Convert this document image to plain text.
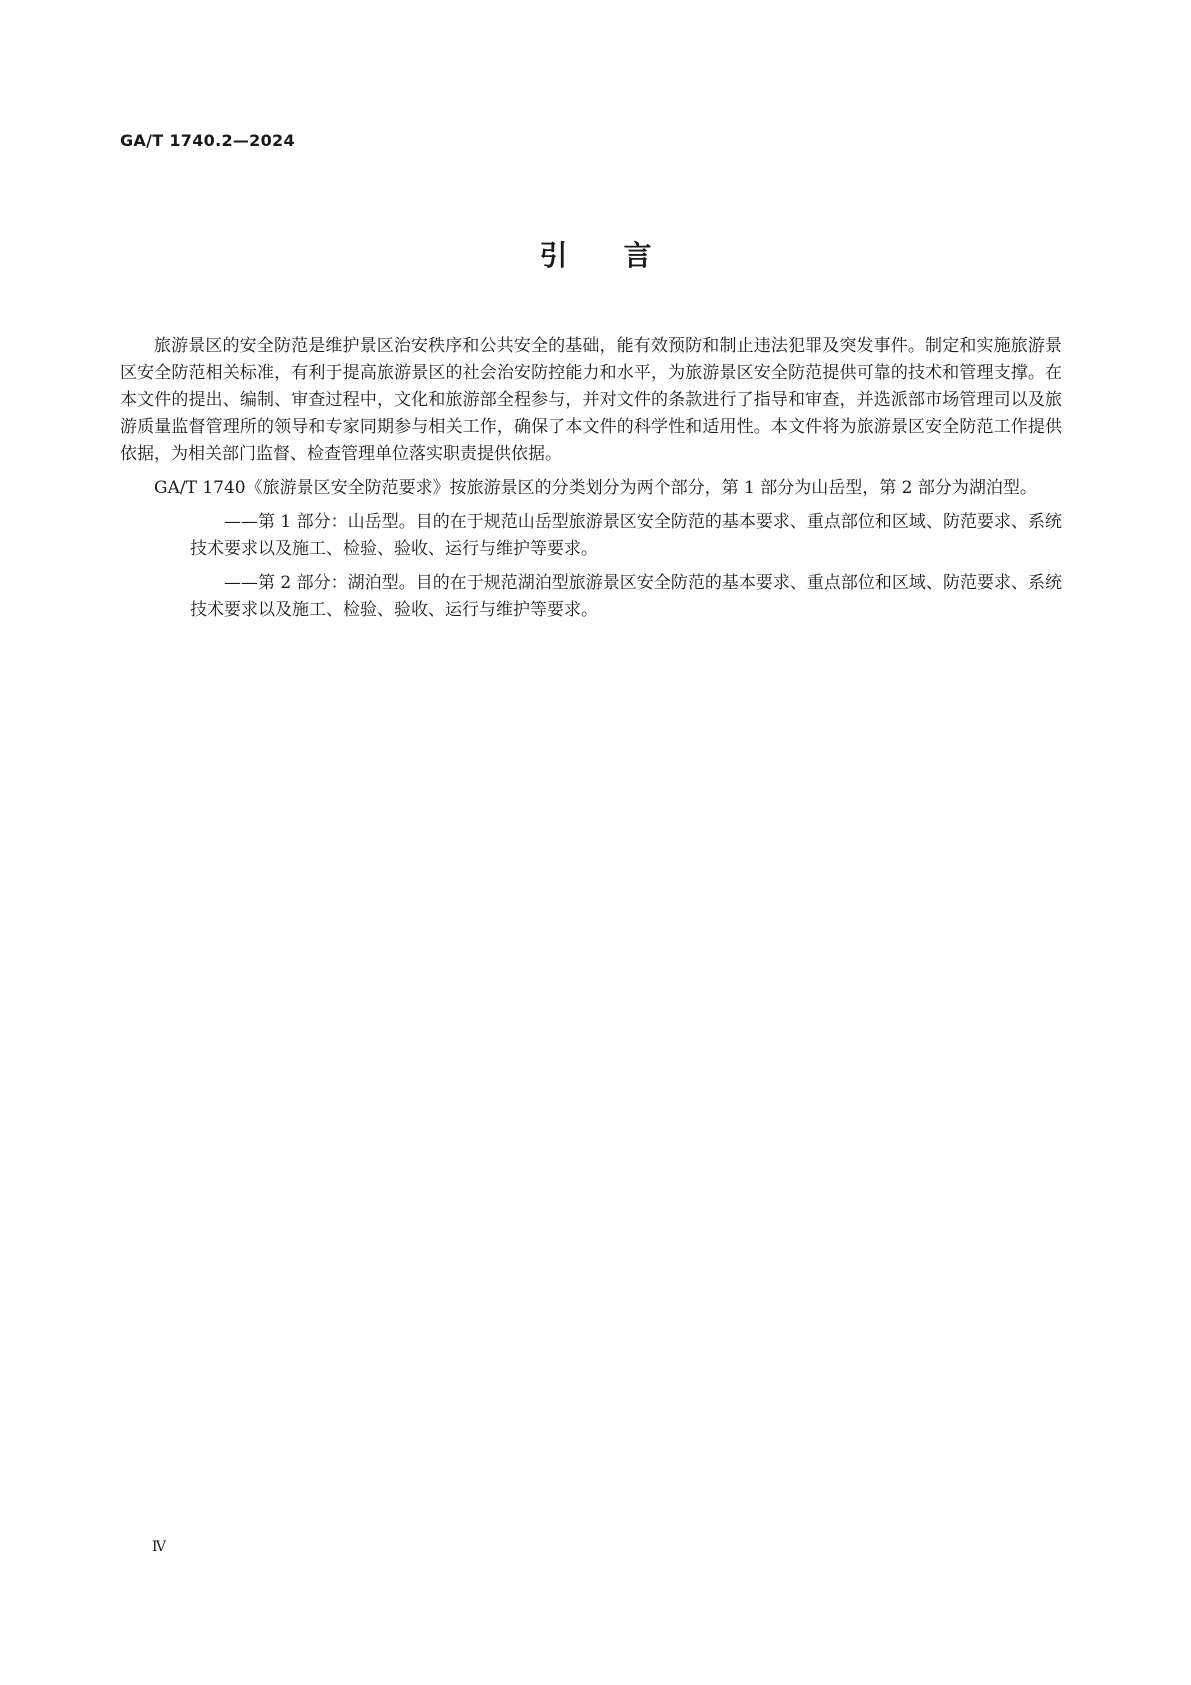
GA/T 1740.2—2024
引 言

旅游景区的安全防范是维护景区治安秩序和公共安全的基础，能有效预防和制止违法犯罪及突发事件。制定和实施旅游景区安全防范相关标准，有利于提高旅游景区的社会治安防控能力和水平，为旅游景区安全防范提供可靠的技术和管理支撑。在本文件的提出、编制、审查过程中，文化和旅游部全程参与，并对文件的条款进行了指导和审查，并选派部市场管理司以及旅游质量监督管理所的领导和专家同期参与相关工作，确保了本文件的科学性和适用性。本文件将为旅游景区安全防范工作提供依据，为相关部门监督、检查管理单位落实职责提供依据。

GA/T 1740《旅游景区安全防范要求》按旅游景区的分类划分为两个部分，第 1 部分为山岳型，第 2 部分为湖泊型。

——第 1 部分：山岳型。目的在于规范山岳型旅游景区安全防范的基本要求、重点部位和区域、防范要求、系统技术要求以及施工、检验、验收、运行与维护等要求。

——第 2 部分：湖泊型。目的在于规范湖泊型旅游景区安全防范的基本要求、重点部位和区域、防范要求、系统技术要求以及施工、检验、验收、运行与维护等要求。

Ⅳ
